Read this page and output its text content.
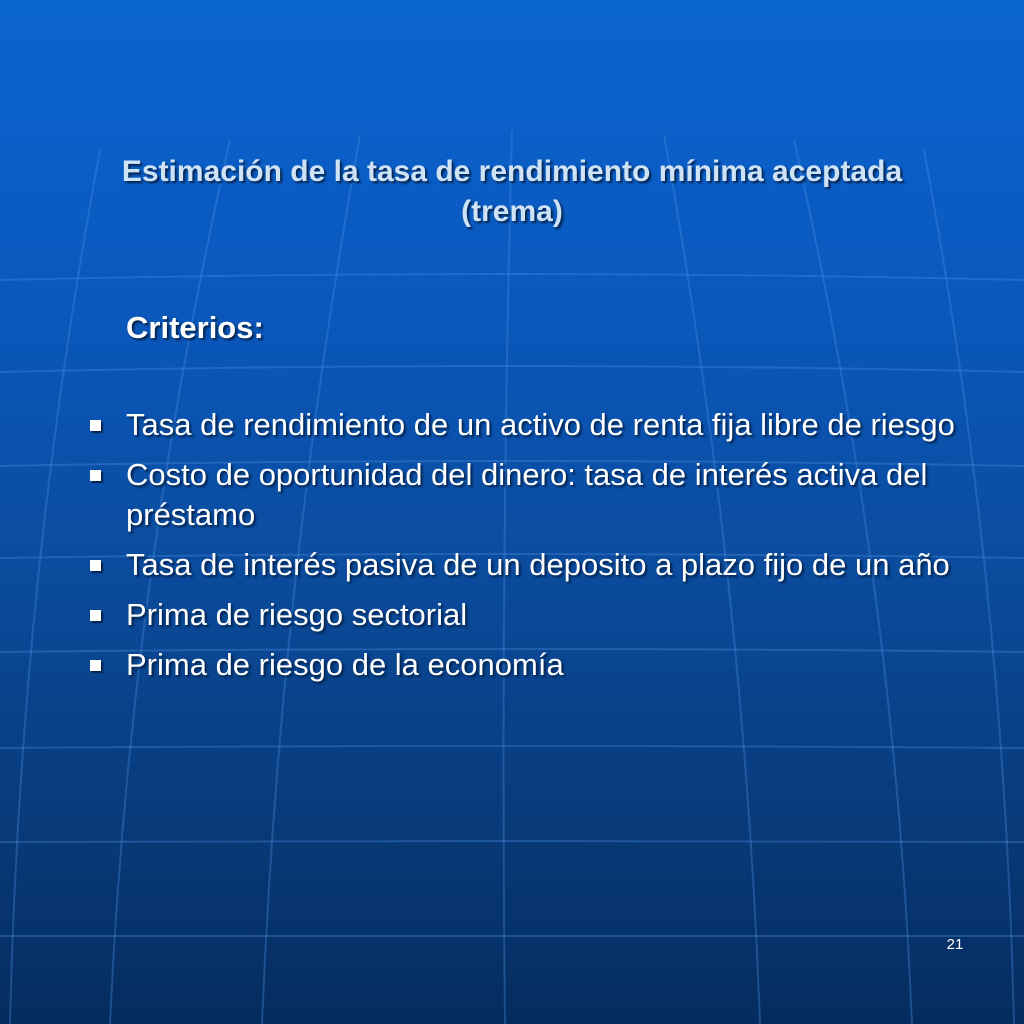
Estimación de la tasa de rendimiento mínima aceptada (trema)
Criterios:
Tasa de rendimiento de un activo de renta fija libre de riesgo
Costo de oportunidad del dinero: tasa de interés activa del préstamo
Tasa de interés pasiva de un deposito a plazo fijo de un año
Prima de riesgo sectorial
Prima de riesgo de la economía
21
